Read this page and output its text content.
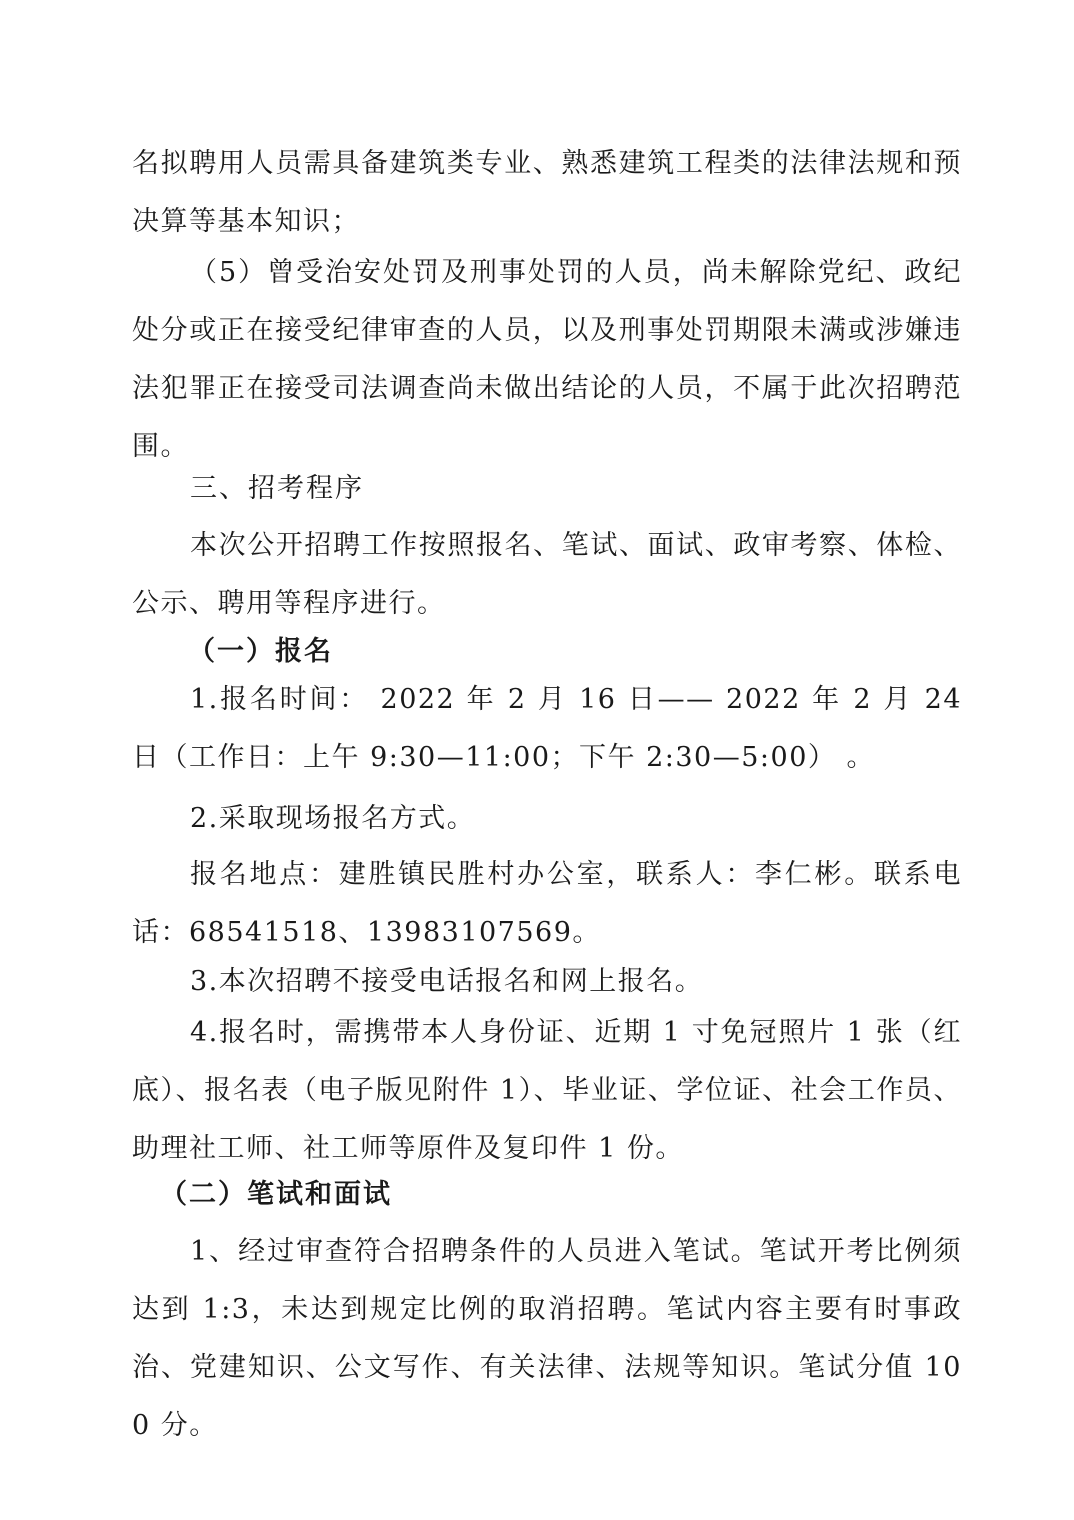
名拟聘用人员需具备建筑类专业、熟悉建筑工程类的法律法规和预决算等基本知识；

（5）曾受治安处罚及刑事处罚的人员，尚未解除党纪、政纪处分或正在接受纪律审查的人员，以及刑事处罚期限未满或涉嫌违法犯罪正在接受司法调查尚未做出结论的人员，不属于此次招聘范围。

三、招考程序

本次公开招聘工作按照报名、笔试、面试、政审考察、体检、公示、聘用等程序进行。

（一）报名

1.报名时间： 2022 年 2 月 16 日—— 2022 年 2 月 24 日（工作日：上午 9:30—11:00；下午 2:30—5:00） 。

2.采取现场报名方式。

报名地点：建胜镇民胜村办公室，联系人：李仁彬。联系电话：68541518、13983107569。

3.本次招聘不接受电话报名和网上报名。

4.报名时，需携带本人身份证、近期 1 寸免冠照片 1 张（红底）、报名表（电子版见附件 1）、毕业证、学位证、社会工作员、助理社工师、社工师等原件及复印件 1 份。

（二）笔试和面试

1、经过审查符合招聘条件的人员进入笔试。笔试开考比例须达到 1:3，未达到规定比例的取消招聘。笔试内容主要有时事政治、党建知识、公文写作、有关法律、法规等知识。笔试分值 100 分。
